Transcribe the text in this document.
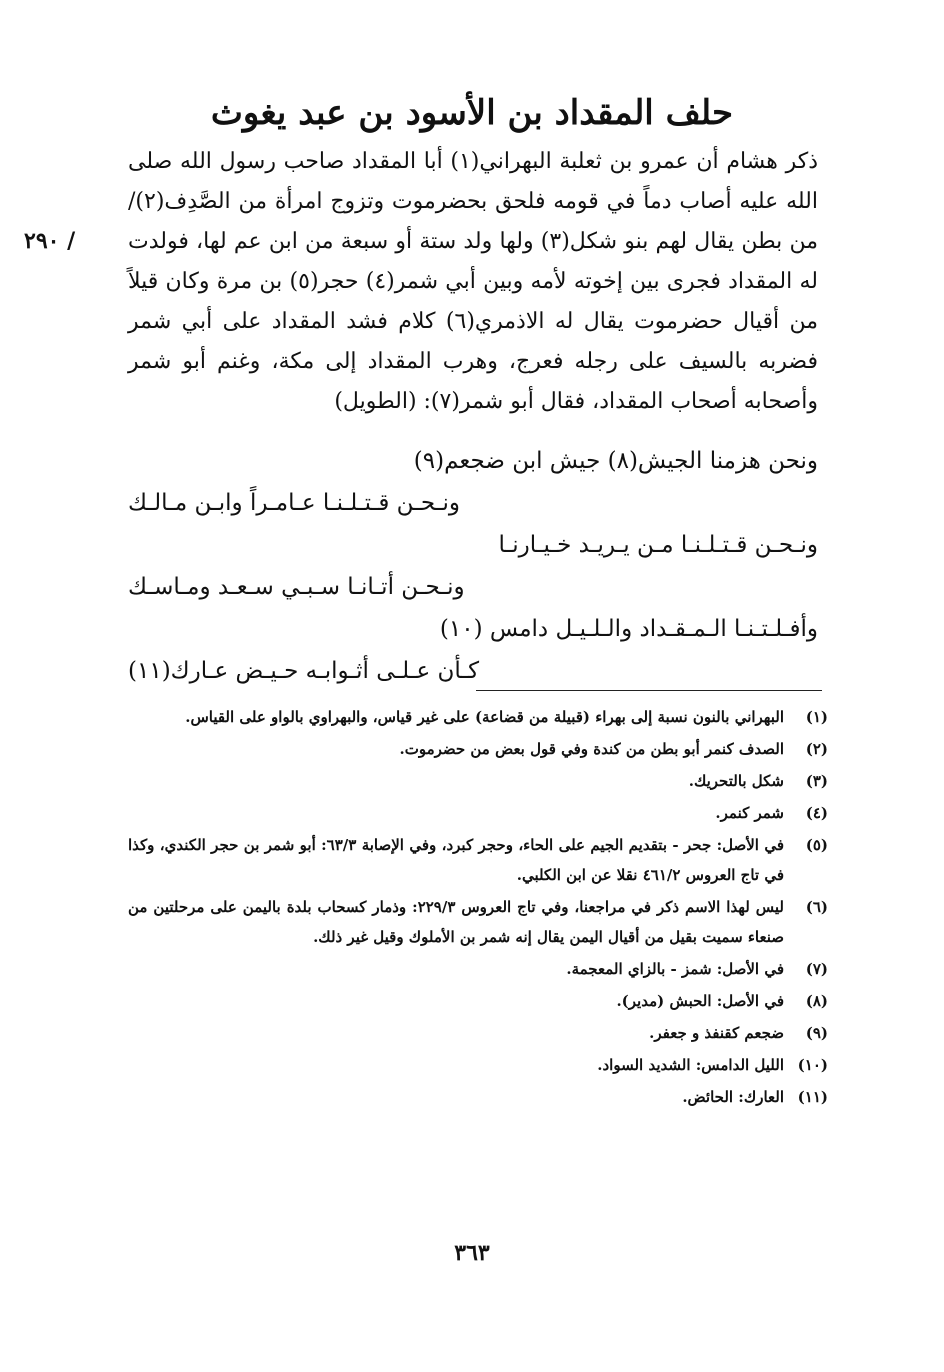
حلف المقداد بن الأسود بن عبد يغوث
٢٩٠ /

ذكر هشام أن عمرو بن ثعلبة البهراني(١) أبا المقداد صاحب رسول الله صلى الله عليه أصاب دماً في قومه فلحق بحضرموت وتزوج امرأة من الصَّدِف(٢)/من بطن يقال لهم بنو شكل(٣) ولها ولد ستة أو سبعة من ابن عم لها، فولدت له المقداد فجرى بين إخوته لأمه وبين أبي شمر(٤) حجر(٥) بن مرة وكان قيلاً من أقيال حضرموت يقال له الاذمري(٦) كلام فشد المقداد على أبي شمر فضربه بالسيف على رجله فعرج، وهرب المقداد إلى مكة، وغنم أبو شمر وأصحابه أصحاب المقداد، فقال أبو شمر(٧): (الطويل)

ونحن هزمنا الجيش(٨) جيش ابن ضجعم(٩)
ونـحـن قـتـلـنـا عـامـراً وابـن مـالـك
ونـحـن قـتـلـنـا مـن يـريـد خـيـارنـا
ونـحـن أتـانـا سـبـي سـعـد ومـاسـك
وأفـلـتـنـا الـمـقـداد والـلـيـل دامس (١٠)
كـأن عـلـى أثـوابـه حـيـض عـارك(١١)
(١)
البهراني بالنون نسبة إلى بهراء (قبيلة من قضاعة) على غير قياس، والبهراوي بالواو على القياس.
(٢)
الصدف كنمر أبو بطن من كندة وفي قول بعض من حضرموت.
(٣)
شكل بالتحريك.
(٤)
شمر كنمر.
(٥)
في الأصل: جحر - بتقديم الجيم على الحاء، وحجر كبرد، وفي الإصابة ٦٣/٣: أبو شمر بن حجر الكندي، وكذا في تاج العروس ٤٦١/٢ نقلا عن ابن الكلبي.
(٦)
ليس لهذا الاسم ذكر في مراجعنا، وفي تاج العروس ٢٢٩/٣: وذمار كسحاب بلدة باليمن على مرحلتين من صنعاء سميت بقيل من أقيال اليمن يقال إنه شمر بن الأملوك وقيل غير ذلك.
(٧)
في الأصل: شمز - بالزاي المعجمة.
(٨)
في الأصل: الحبش (مدير).
(٩)
ضجعم كقنفذ و جعفر.
(١٠)
الليل الدامس: الشديد السواد.
(١١)
العارك: الحائض.
٣٦٣
